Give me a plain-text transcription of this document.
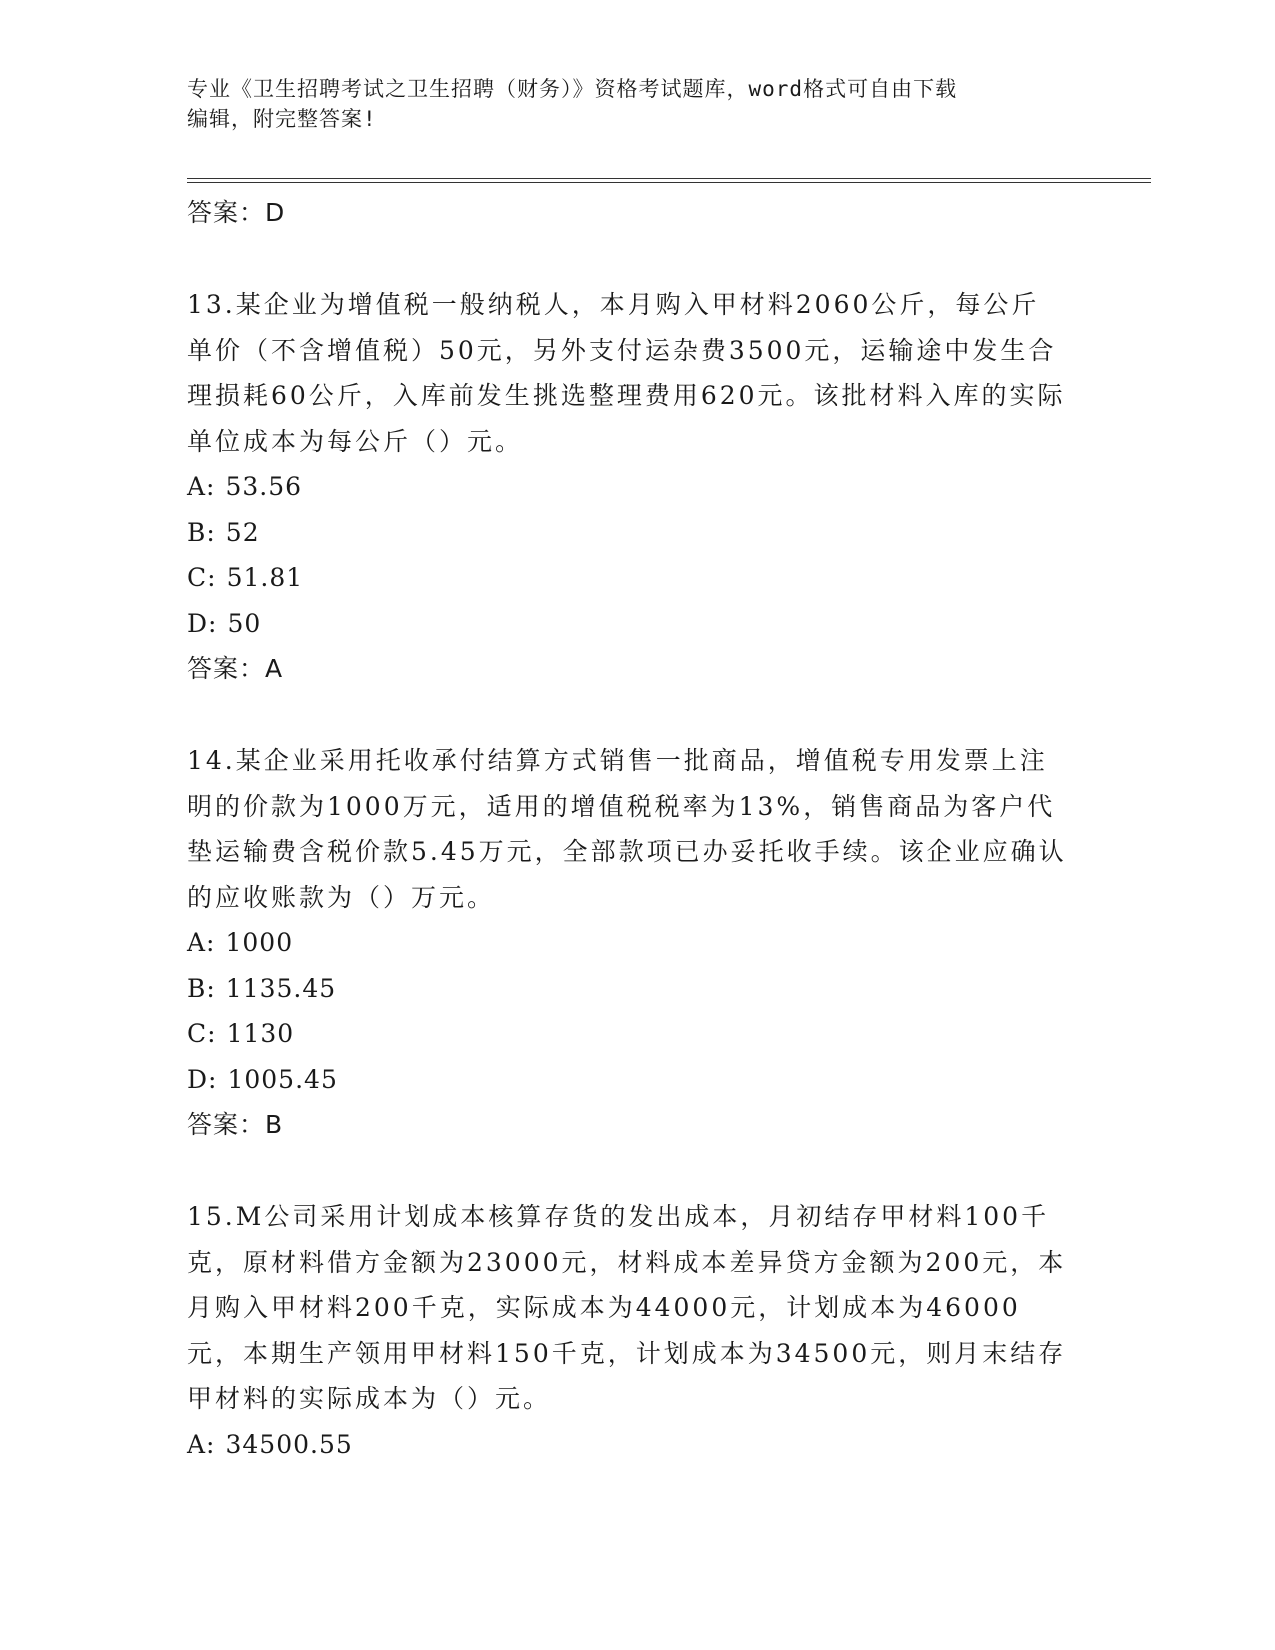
专业《卫生招聘考试之卫生招聘（财务）》资格考试题库，word格式可自由下载
编辑，附完整答案!
答案：D
13.某企业为增值税一般纳税人，本月购入甲材料2060公斤，每公斤单价（不含增值税）50元，另外支付运杂费3500元，运输途中发生合理损耗60公斤，入库前发生挑选整理费用620元。该批材料入库的实际单位成本为每公斤（）元。
A: 53.56
B: 52
C: 51.81
D: 50
答案：A
14.某企业采用托收承付结算方式销售一批商品，增值税专用发票上注明的价款为1000万元，适用的增值税税率为13%，销售商品为客户代垫运输费含税价款5.45万元，全部款项已办妥托收手续。该企业应确认的应收账款为（）万元。
A: 1000
B: 1135.45
C: 1130
D: 1005.45
答案：B
15.M公司采用计划成本核算存货的发出成本，月初结存甲材料100千克，原材料借方金额为23000元，材料成本差异贷方金额为200元，本月购入甲材料200千克，实际成本为44000元，计划成本为46000元，本期生产领用甲材料150千克，计划成本为34500元，则月末结存甲材料的实际成本为（）元。
A: 34500.55
